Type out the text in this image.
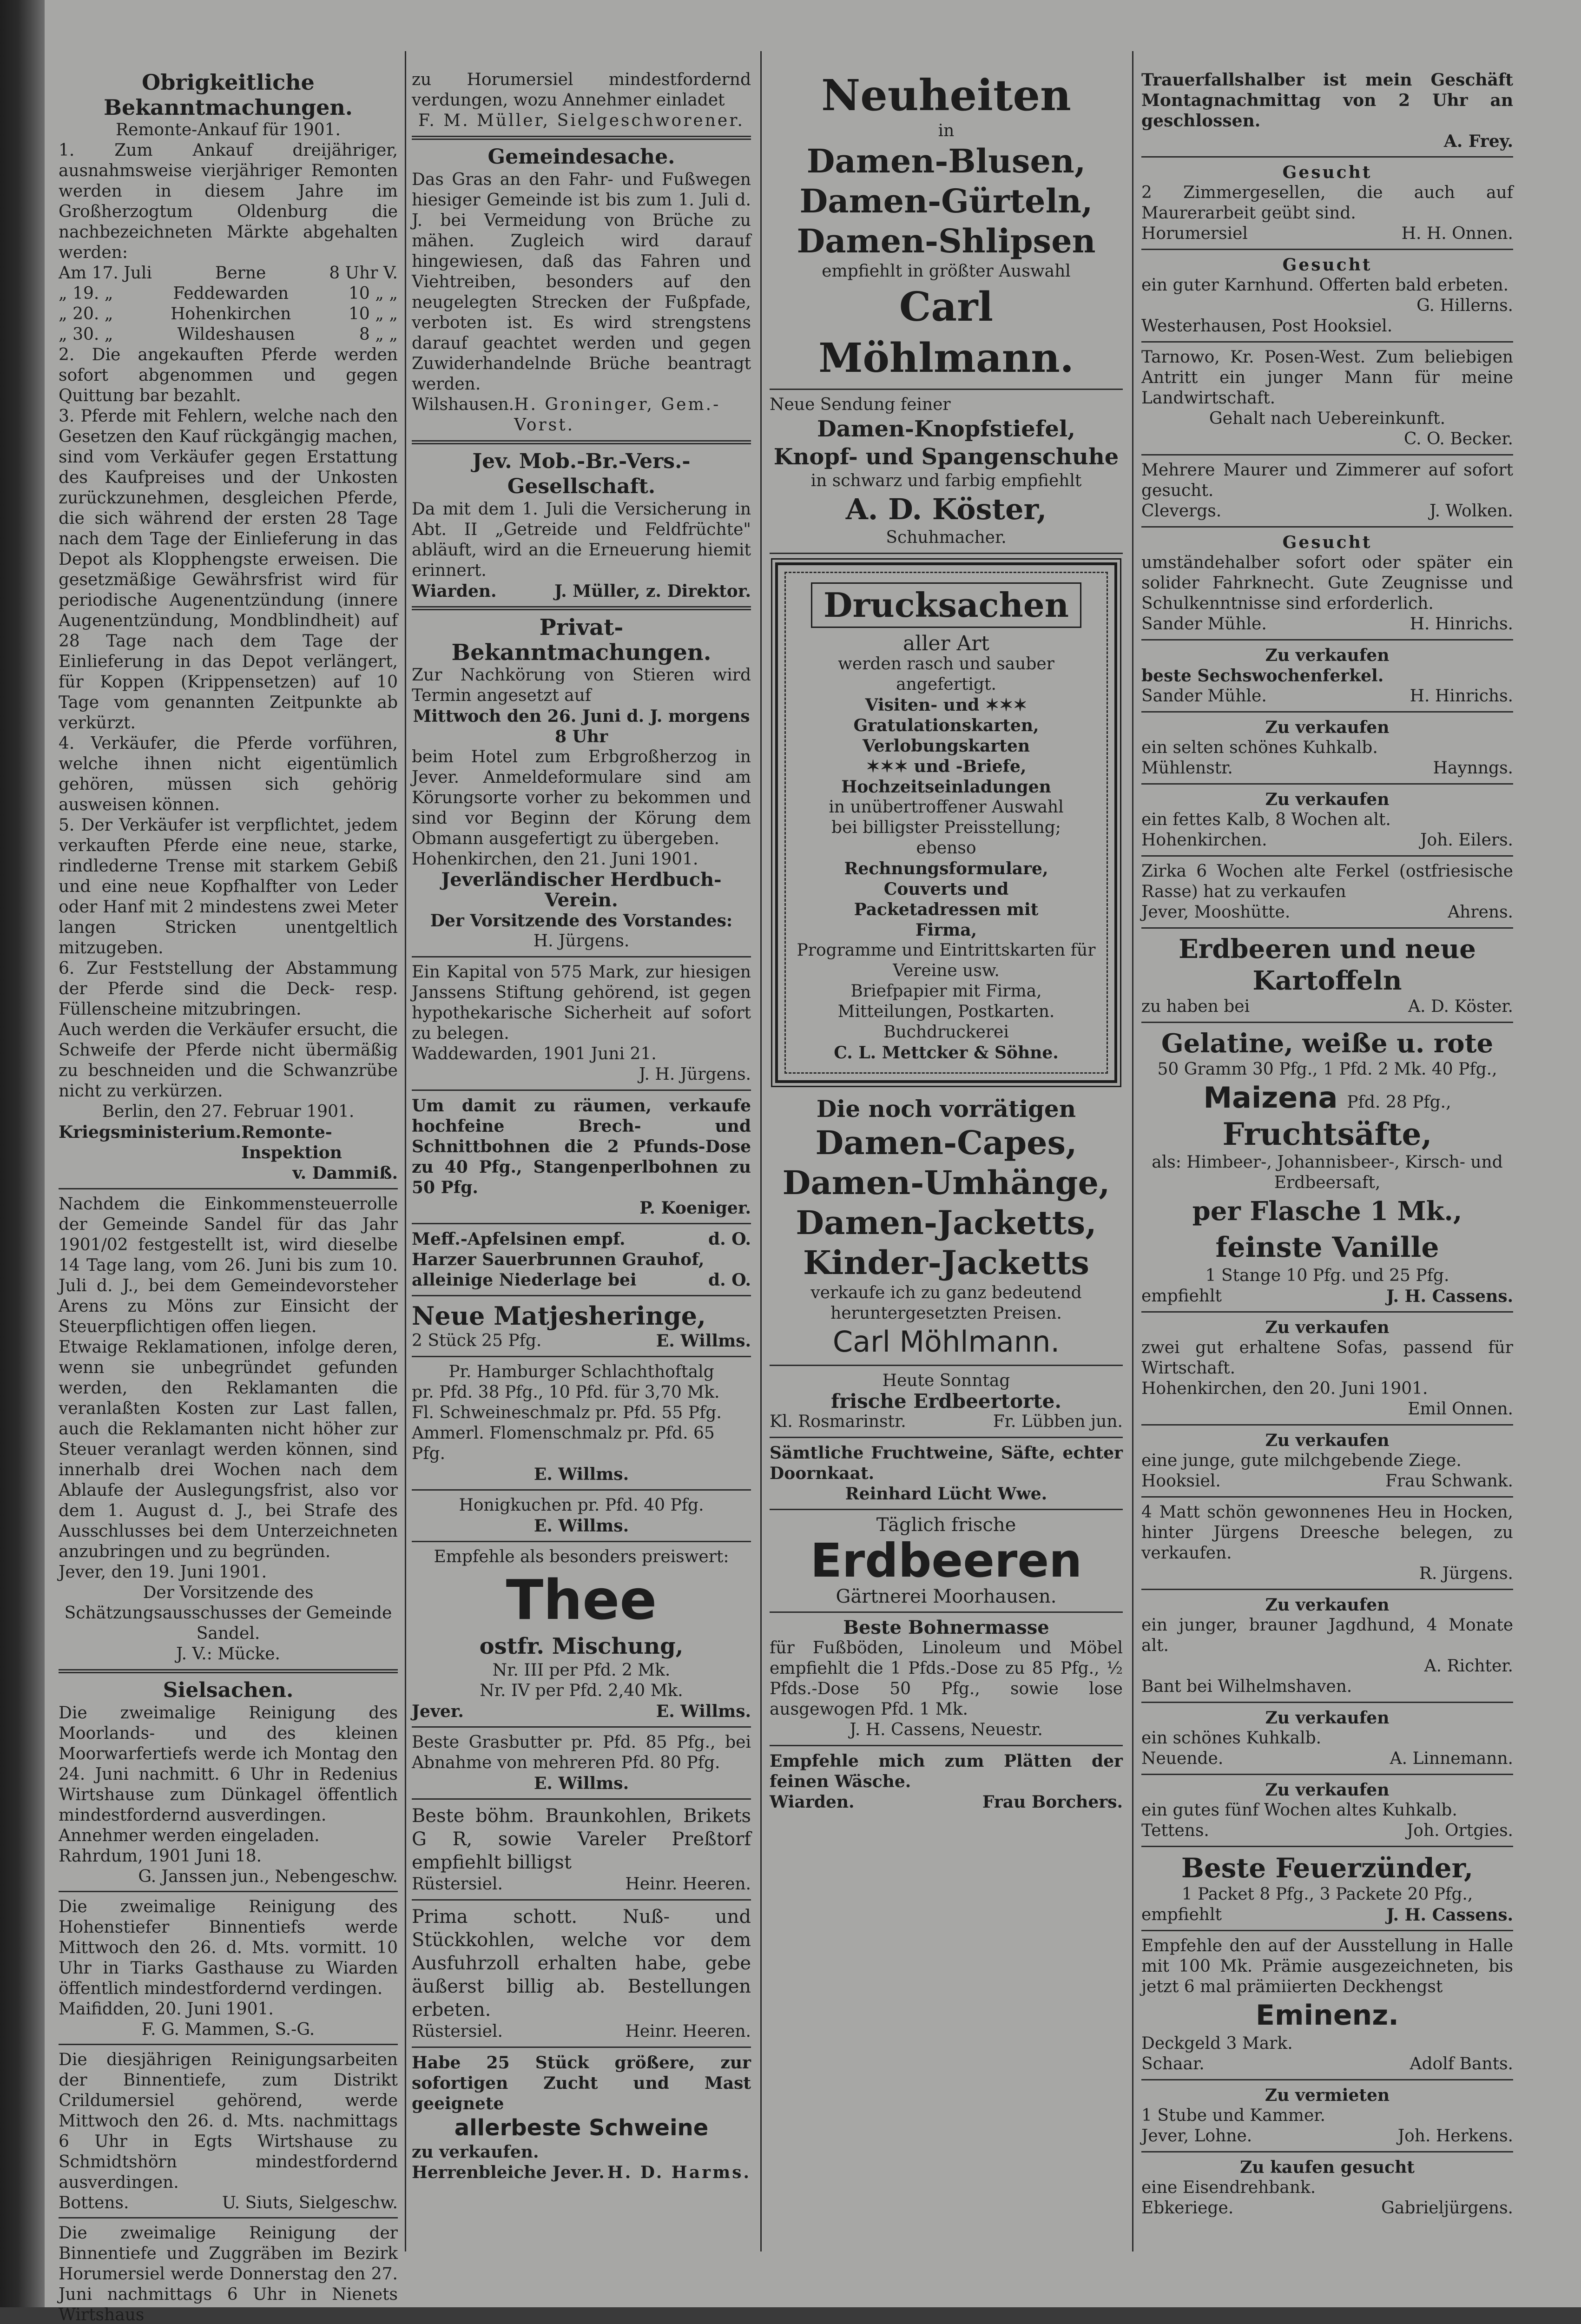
Obrigkeitliche Bekanntmachungen.

Remonte-Ankauf für 1901.

1. Zum Ankauf dreijähriger, ausnahmsweise vierjähriger Remonten werden in diesem Jahre im Großherzogtum Oldenburg die nachbezeichneten Märkte abgehalten werden:

Am 17. Juli	Berne	8 Uhr V.
„ 19. „	Feddewarden	10 „ „
„ 20. „	Hohenkirchen	10 „ „
„ 30. „	Wildeshausen	8 „ „

2. Die angekauften Pferde werden sofort abgenommen und gegen Quittung bar bezahlt.

3. Pferde mit Fehlern, welche nach den Gesetzen den Kauf rückgängig machen, sind vom Verkäufer gegen Erstattung des Kaufpreises und der Unkosten zurückzunehmen, desgleichen Pferde, die sich während der ersten 28 Tage nach dem Tage der Einlieferung in das Depot als Klopphengste erweisen. Die gesetzmäßige Gewährsfrist wird für periodische Augenentzündung (innere Augenentzündung, Mondblindheit) auf 28 Tage nach dem Tage der Einlieferung in das Depot verlängert, für Koppen (Krippensetzen) auf 10 Tage vom genannten Zeitpunkte ab verkürzt.

4. Verkäufer, die Pferde vorführen, welche ihnen nicht eigentümlich gehören, müssen sich gehörig ausweisen können.

5. Der Verkäufer ist verpflichtet, jedem verkauften Pferde eine neue, starke, rindlederne Trense mit starkem Gebiß und eine neue Kopfhalfter von Leder oder Hanf mit 2 mindestens zwei Meter langen Stricken unentgeltlich mitzugeben.

6. Zur Feststellung der Abstammung der Pferde sind die Deck- resp. Füllenscheine mitzubringen.

Auch werden die Verkäufer ersucht, die Schweife der Pferde nicht übermäßig zu beschneiden und die Schwanzrübe nicht zu verkürzen.

Berlin, den 27. Februar 1901.

Kriegsministerium. Remonte-Inspektion

v. Dammiß.

Nachdem die Einkommensteuerrolle der Gemeinde Sandel für das Jahr 1901/02 festgestellt ist, wird dieselbe 14 Tage lang, vom 26. Juni bis zum 10. Juli d. J., bei dem Gemeindevorsteher Arens zu Möns zur Einsicht der Steuerpflichtigen offen liegen.

Etwaige Reklamationen, infolge deren, wenn sie unbegründet gefunden werden, den Reklamanten die veranlaßten Kosten zur Last fallen, auch die Reklamanten nicht höher zur Steuer veranlagt werden können, sind innerhalb drei Wochen nach dem Ablaufe der Auslegungsfrist, also vor dem 1. August d. J., bei Strafe des Ausschlusses bei dem Unterzeichneten anzubringen und zu begründen.

Jever, den 19. Juni 1901.

Der Vorsitzende des Schätzungsausschusses der Gemeinde Sandel.

J. V.: Mücke.

Sielsachen.

Die zweimalige Reinigung des Moorlands- und des kleinen Moorwarfertiefs werde ich Montag den 24. Juni nachmitt. 6 Uhr in Redenius Wirtshause zum Dünkagel öffentlich mindestfordernd ausverdingen.

Annehmer werden eingeladen.

Rahrdum, 1901 Juni 18.

G. Janssen jun., Nebengeschw.

Die zweimalige Reinigung des Hohenstiefer Binnentiefs werde Mittwoch den 26. d. Mts. vormitt. 10 Uhr in Tiarks Gasthause zu Wiarden öffentlich mindestfordernd verdingen.

Maifidden, 20. Juni 1901.

F. G. Mammen, S.-G.

Die diesjährigen Reinigungsarbeiten der Binnentiefe, zum Distrikt Crildumersiel gehörend, werde Mittwoch den 26. d. Mts. nachmittags 6 Uhr in Egts Wirtshause zu Schmidtshörn mindestfordernd ausverdingen.

Bottens.	U. Siuts, Sielgeschw.

Die zweimalige Reinigung der Binnentiefe und Zuggräben im Bezirk Horumersiel werde Donnerstag den 27. Juni nachmittags 6 Uhr in Nienets Wirtshaus

zu Horumersiel mindestfordernd verdungen, wozu Annehmer einladet

F. M. Müller, Sielgeschworener.

Gemeindesache.

Das Gras an den Fahr- und Fußwegen hiesiger Gemeinde ist bis zum 1. Juli d. J. bei Vermeidung von Brüche zu mähen. Zugleich wird darauf hingewiesen, daß das Fahren und Viehtreiben, besonders auf den neugelegten Strecken der Fußpfade, verboten ist. Es wird strengstens darauf geachtet werden und gegen Zuwiderhandelnde Brüche beantragt werden.

Wilshausen. H. Groninger, Gem.-Vorst.

Jev. Mob.-Br.-Vers.-Gesellschaft.

Da mit dem 1. Juli die Versicherung in Abt. II „Getreide und Feldfrüchte" abläuft, wird an die Erneuerung hiemit erinnert.

Wiarden.	J. Müller, z. Direktor.

Privat-Bekanntmachungen.

Zur Nachkörung von Stieren wird Termin angesetzt auf

Mittwoch den 26. Juni d. J. morgens 8 Uhr

beim Hotel zum Erbgroßherzog in Jever. Anmeldeformulare sind am Körungsorte vorher zu bekommen und sind vor Beginn der Körung dem Obmann ausgefertigt zu übergeben.

Hohenkirchen, den 21. Juni 1901.

Jeverländischer Herdbuch-Verein.

Der Vorsitzende des Vorstandes:

H. Jürgens.

Ein Kapital von 575 Mark, zur hiesigen Janssens Stiftung gehörend, ist gegen hypothekarische Sicherheit auf sofort zu belegen.

Waddewarden, 1901 Juni 21.

J. H. Jürgens.

Um damit zu räumen, verkaufe hochfeine Brech- und Schnittbohnen die 2 Pfunds-Dose zu 40 Pfg., Stangenperlbohnen zu 50 Pfg.

P. Koeniger.

Meff.-Apfelsinen empf.	d. O.

Harzer Sauerbrunnen Grauhof,

alleinige Niederlage bei	d. O.

Neue Matjesheringe,

2 Stück 25 Pfg.	E. Willms.

Pr. Hamburger Schlachthoftalg

pr. Pfd. 38 Pfg., 10 Pfd. für 3,70 Mk.

Fl. Schweineschmalz pr. Pfd. 55 Pfg.

Ammerl. Flomenschmalz pr. Pfd. 65 Pfg.

E. Willms.

Honigkuchen pr. Pfd. 40 Pfg.

E. Willms.

Empfehle als besonders preiswert:

Thee

ostfr. Mischung,

Nr. III per Pfd. 2 Mk.

Nr. IV per Pfd. 2,40 Mk.

Jever.	E. Willms.

Beste Grasbutter pr. Pfd. 85 Pfg., bei Abnahme von mehreren Pfd. 80 Pfg.

E. Willms.

Beste böhm. Braunkohlen, Brikets G R, sowie Vareler Preßtorf empfiehlt billigst

Rüstersiel.	Heinr. Heeren.

Prima schott. Nuß- und Stückkohlen, welche vor dem Ausfuhrzoll erhalten habe, gebe äußerst billig ab. Bestellungen erbeten.

Rüstersiel.	Heinr. Heeren.

Habe 25 Stück größere, zur sofortigen Zucht und Mast geeignete

allerbeste Schweine

zu verkaufen.

Herrenbleiche Jever. H. D. Harms.

Neuheiten

in

Damen-Blusen,

Damen-Gürteln,

Damen-Shlipsen

empfiehlt in größter Auswahl

Carl Möhlmann.

Neue Sendung feiner

Damen-Knopfstiefel,

Knopf- und Spangenschuhe

in schwarz und farbig empfiehlt

A. D. Köster,

Schuhmacher.

Drucksachen

aller Art

werden rasch und sauber

angefertigt.

Visiten- und ✶✶✶

Gratulationskarten,

Verlobungskarten

✶✶✶ und -Briefe,

Hochzeitseinladungen

in unübertroffener Auswahl

bei billigster Preisstellung;

ebenso

Rechnungsformulare,

Couverts und

Packetadressen mit

Firma,

Programme und Eintrittskarten für Vereine usw.

Briefpapier mit Firma,

Mitteilungen, Postkarten.

Buchdruckerei

C. L. Mettcker & Söhne.

Die noch vorrätigen

Damen-Capes,

Damen-Umhänge,

Damen-Jacketts,

Kinder-Jacketts

verkaufe ich zu ganz bedeutend heruntergesetzten Preisen.

Carl Möhlmann.

Heute Sonntag

frische Erdbeertorte.

Kl. Rosmarinstr.	Fr. Lübben jun.

Sämtliche Fruchtweine, Säfte, echter Doornkaat.

Reinhard Lücht Wwe.

Täglich frische

Erdbeeren

Gärtnerei Moorhausen.

Beste Bohnermasse

für Fußböden, Linoleum und Möbel empfiehlt die 1 Pfds.-Dose zu 85 Pfg., ½ Pfds.-Dose 50 Pfg., sowie lose ausgewogen Pfd. 1 Mk.

J. H. Cassens, Neuestr.

Empfehle mich zum Plätten der feinen Wäsche.

Wiarden.	Frau Borchers.

Trauerfallshalber ist mein Geschäft Montagnachmittag von 2 Uhr an geschlossen.

A. Frey.

Gesucht

2 Zimmergesellen, die auch auf Maurerarbeit geübt sind.

Horumersiel	H. H. Onnen.

Gesucht

ein guter Karnhund. Offerten bald erbeten.

G. Hillerns.

Westerhausen, Post Hooksiel.

Tarnowo, Kr. Posen-West. Zum beliebigen Antritt ein junger Mann für meine Landwirtschaft.

Gehalt nach Uebereinkunft.

C. O. Becker.

Mehrere Maurer und Zimmerer auf sofort gesucht.

Clevergs.	J. Wolken.

Gesucht

umständehalber sofort oder später ein solider Fahrknecht. Gute Zeugnisse und Schulkenntnisse sind erforderlich.

Sander Mühle.	H. Hinrichs.

Zu verkaufen

beste Sechswochenferkel.

Sander Mühle.	H. Hinrichs.

Zu verkaufen

ein selten schönes Kuhkalb.

Mühlenstr.	Haynngs.

Zu verkaufen

ein fettes Kalb, 8 Wochen alt.

Hohenkirchen.	Joh. Eilers.

Zirka 6 Wochen alte Ferkel (ostfriesische Rasse) hat zu verkaufen

Jever, Mooshütte.	Ahrens.

Erdbeeren und neue Kartoffeln

zu haben bei	A. D. Köster.

Gelatine, weiße u. rote

50 Gramm 30 Pfg., 1 Pfd. 2 Mk. 40 Pfg.,

Maizena Pfd. 28 Pfg.,

Fruchtsäfte,

als: Himbeer-, Johannisbeer-, Kirsch- und Erdbeersaft,

per Flasche 1 Mk.,

feinste Vanille

1 Stange 10 Pfg. und 25 Pfg.

empfiehlt	J. H. Cassens.

Zu verkaufen

zwei gut erhaltene Sofas, passend für Wirtschaft.

Hohenkirchen, den 20. Juni 1901.

Emil Onnen.

Zu verkaufen

eine junge, gute milchgebende Ziege.

Hooksiel.	Frau Schwank.

4 Matt schön gewonnenes Heu in Hocken, hinter Jürgens Dreesche belegen, zu verkaufen.

R. Jürgens.

Zu verkaufen

ein junger, brauner Jagdhund, 4 Monate alt.

A. Richter.

Bant bei Wilhelmshaven.

Zu verkaufen

ein schönes Kuhkalb.

Neuende.	A. Linnemann.

Zu verkaufen

ein gutes fünf Wochen altes Kuhkalb.

Tettens.	Joh. Ortgies.

Beste Feuerzünder,

1 Packet 8 Pfg., 3 Packete 20 Pfg.,

empfiehlt	J. H. Cassens.

Empfehle den auf der Ausstellung in Halle mit 100 Mk. Prämie ausgezeichneten, bis jetzt 6 mal prämiierten Deckhengst

Eminenz.

Deckgeld 3 Mark.

Schaar.	Adolf Bants.

Zu vermieten

1 Stube und Kammer.

Jever, Lohne.	Joh. Herkens.

Zu kaufen gesucht

eine Eisendrehbank.

Ebkeriege.	Gabrieljürgens.
